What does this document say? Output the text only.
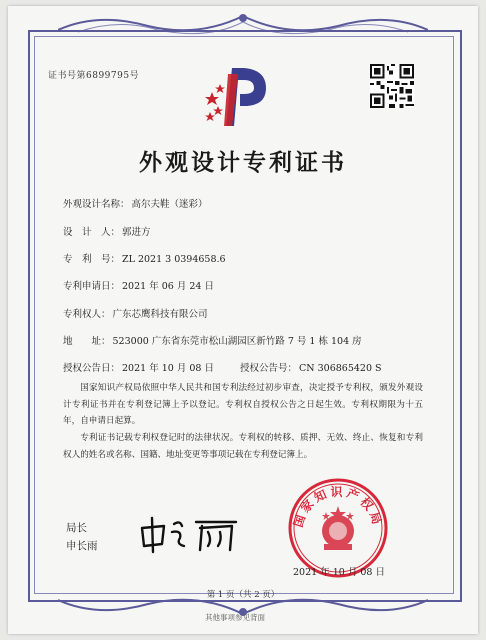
证书号第6899795号
外观设计专利证书
外观设计名称： 高尔夫鞋（迷彩）
设　计　人： 郭进方
专　利　号： ZL 2021 3 0394658.6
专利申请日： 2021 年 06 月 24 日
专利权人： 广东芯鹰科技有限公司
地　　址： 523000 广东省东莞市松山湖园区新竹路 7 号 1 栋 104 房
授权公告日： 2021 年 10 月 08 日	授权公告号： CN 306865420 S
国家知识产权局依照中华人民共和国专利法经过初步审查，决定授予专利权，颁发外观设计专利证书并在专利登记簿上予以登记。专利权自授权公告之日起生效。专利权期限为十五年，自申请日起算。
专利证书记载专利权登记时的法律状况。专利权的转移、质押、无效、终止、恢复和专利权人的姓名或名称、国籍、地址变更等事项记载在专利登记簿上。
局长
申长雨
国家知识产权局
2021 年 10 月 08 日
第 1 页（共 2 页）
其他事项参见背面
